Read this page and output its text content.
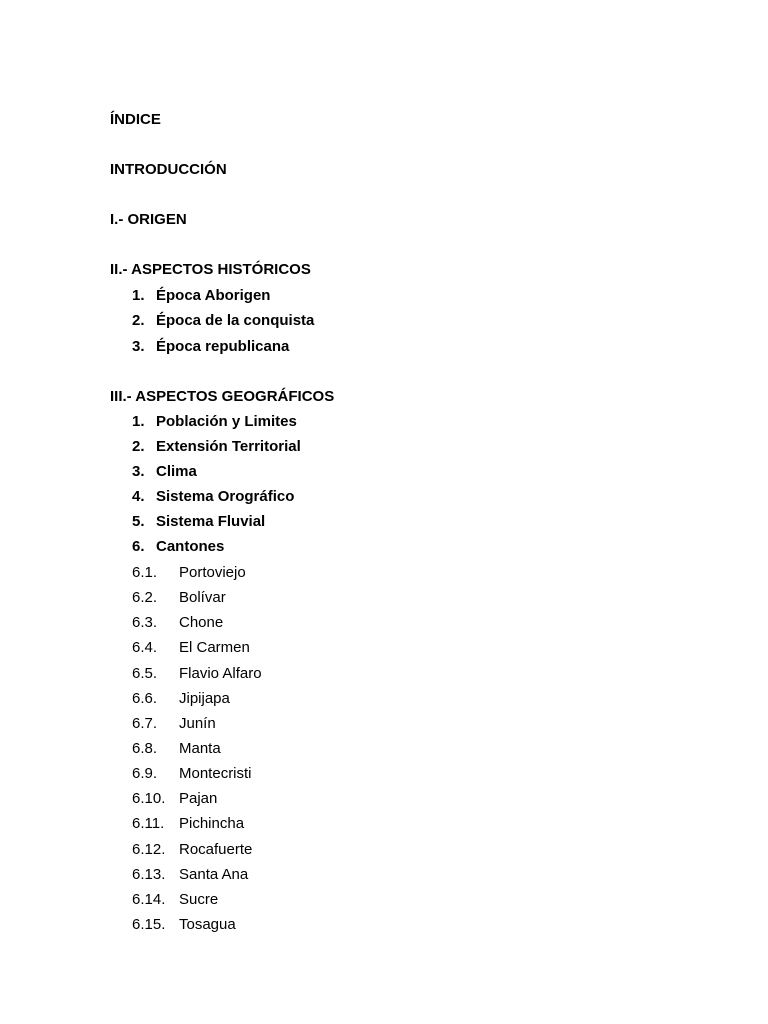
ÍNDICE
INTRODUCCIÓN
I.- ORIGEN
II.- ASPECTOS HISTÓRICOS
1. Época Aborigen
2. Época de la conquista
3. Época republicana
III.- ASPECTOS GEOGRÁFICOS
1. Población y Limites
2. Extensión Territorial
3. Clima
4. Sistema Orográfico
5. Sistema Fluvial
6. Cantones
6.1. Portoviejo
6.2. Bolívar
6.3. Chone
6.4. El Carmen
6.5. Flavio Alfaro
6.6. Jipijapa
6.7. Junín
6.8. Manta
6.9. Montecristi
6.10. Pajan
6.11. Pichincha
6.12. Rocafuerte
6.13. Santa Ana
6.14. Sucre
6.15. Tosagua
